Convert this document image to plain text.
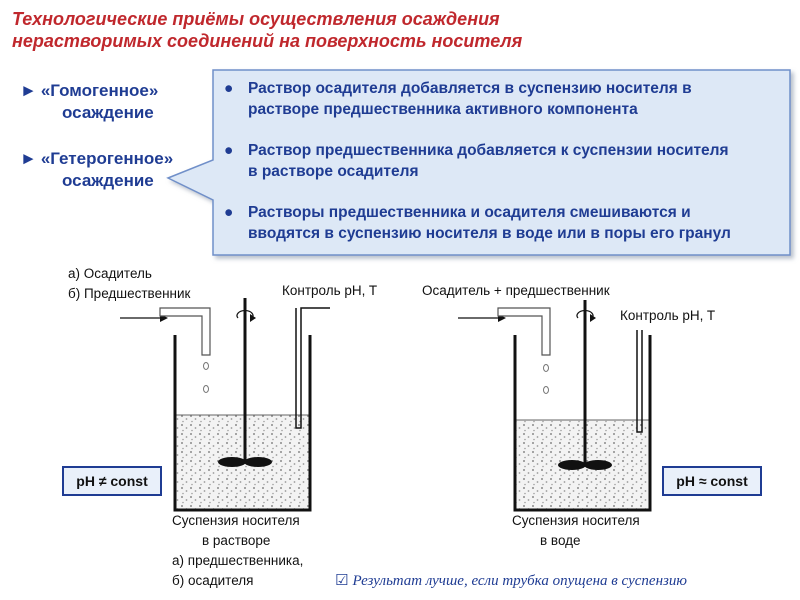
Технологические приёмы осуществления осаждения
нерастворимых соединений на поверхность носителя
► «Гомогенное»
осаждение
► «Гетерогенное»
осаждение
● Раствор осадителя добавляется в суспензию носителя в
растворе предшественника активного компонента
● Раствор предшественника добавляется к суспензии носителя
в растворе осадителя
● Растворы предшественника и осадителя смешиваются и
вводятся в суспензию носителя в воде или в поры его гранул
а) Осадитель
б) Предшественник	Контроль pH, T
pH ≠ const
Суспензия носителя
в растворе
а) предшественника,
б) осадителя
Осадитель + предшественник
Контроль pH, T
pH ≈ const
Суспензия носителя
в воде
☑ Результат лучше, если трубка опущена в суспензию
